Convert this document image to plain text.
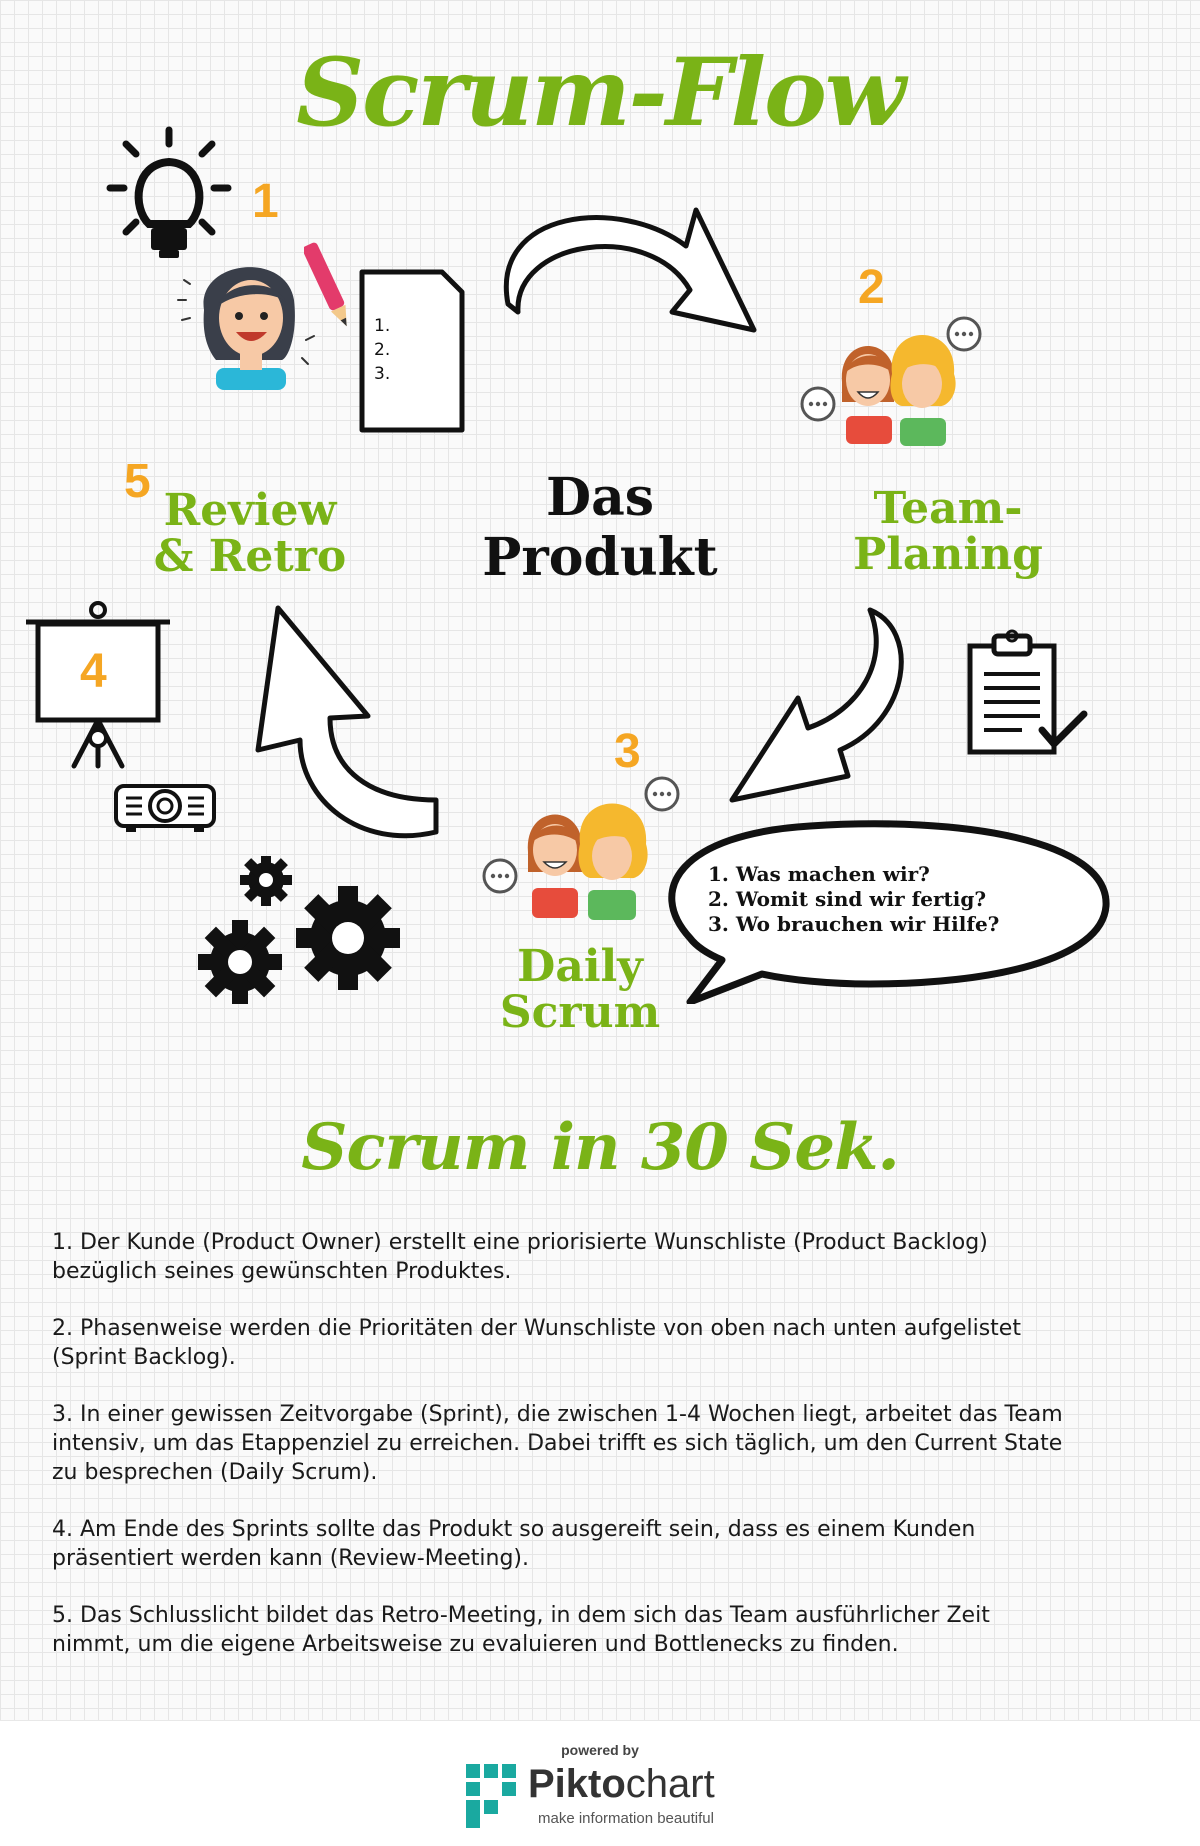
Scrum-Flow
1
1.
2.
3.
2
Team-
Planing
Das
Produkt
3
Daily
Scrum
1. Was machen wir?
2. Womit sind wir fertig?
3. Wo brauchen wir Hilfe?
4
5
Review
& Retro
Scrum in 30 Sek.

1. Der Kunde (Product Owner) erstellt eine priorisierte Wunschliste (Product Backlog) bezüglich seines gewünschten Produktes.

2. Phasenweise werden die Prioritäten der Wunschliste von oben nach unten aufgelistet (Sprint Backlog).

3. In einer gewissen Zeitvorgabe (Sprint), die zwischen 1-4 Wochen liegt, arbeitet das Team intensiv, um das Etappenziel zu erreichen. Dabei trifft es sich täglich, um den Current State zu besprechen (Daily Scrum).

4. Am Ende des Sprints sollte das Produkt so ausgereift sein, dass es einem Kunden präsentiert werden kann (Review-Meeting).

5. Das Schlusslicht bildet das Retro-Meeting, in dem sich das Team ausführlicher Zeit nimmt, um die eigene Arbeitsweise zu evaluieren und Bottlenecks zu finden.

powered by
Piktochart
make information beautiful
